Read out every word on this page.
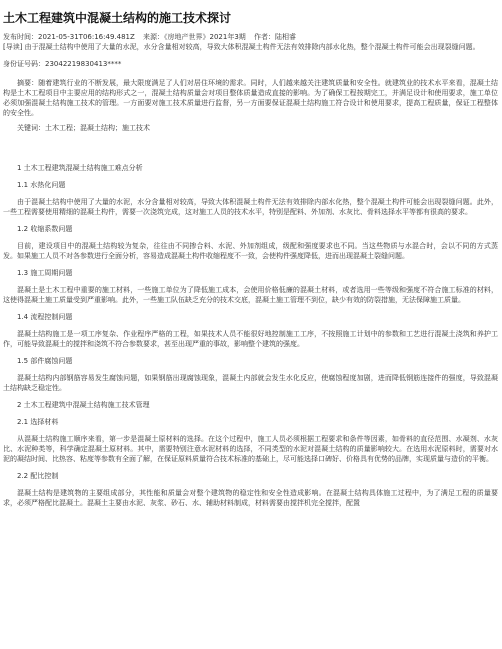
土木工程建筑中混凝土结构的施工技术探讨
发布时间：2021-05-31T06:16:49.481Z 来源：《房地产世界》2021年3期 作者：陆相睿

[导读] 由于混凝土结构中使用了大量的水泥，水分含量相对较高，导致大体积混凝土构件无法有效排除内部水化热，整个混凝土构件可能会出现裂缝问题。

身份证号码：23042219830413****

摘要：随着建筑行业的不断发展，最大限度满足了人们对居住环境的需求。同时，人们越来越关注建筑质量和安全性。就建筑业的技术水平来看，混凝土结构是土木工程项目中主要应用的结构形式之一，混凝土结构质量会对项目整体质量造成直接的影响。为了确保工程按期完工，并满足设计和使用要求，施工单位必须加强混凝土结构施工技术的管理。一方面要对施工技术质量进行监督，另一方面要保证混凝土结构施工符合设计和使用要求，提高工程质量，保证工程整体的安全性。

关键词：土木工程；混凝土结构；施工技术

1 土木工程建筑混凝土结构施工难点分析

1.1 水热化问题

由于混凝土结构中使用了大量的水泥，水分含量相对较高，导致大体积混凝土构件无法有效排除内部水化热，整个混凝土构件可能会出现裂缝问题。此外，一些工程需要使用精细的混凝土构件，需要一次浇筑完成，这对施工人员的技术水平，特别是配料、外加剂、水灰比、骨料选择水平等都有很高的要求。

1.2 收缩系数问题

目前，建设项目中的混凝土结构较为复杂，往往由不同掺合料、水泥、外加剂组成，级配和强度要求也不同。当这些物质与水混合时，会以不同的方式蒸发。如果施工人员不对各参数进行全面分析，容易造成混凝土构件收缩程度不一致，会使构件强度降低，进而出现混凝土裂缝问题。

1.3 施工周期问题

混凝土是土木工程中重要的施工材料，一些施工单位为了降低施工成本，会使用价格低廉的混凝土材料，或者选用一些等级和强度不符合施工标准的材料，这使得混凝土施工质量受到严重影响。此外，一些施工队伍缺乏充分的技术交底，混凝土施工管理不到位，缺少有效的防裂措施，无法保障施工质量。

1.4 流程控制问题

混凝土结构施工是一项工序复杂、作业程序严格的工程，如果技术人员不能很好地控制施工工序，不按照施工计划中的参数和工艺进行混凝土浇筑和养护工作，可能导致混凝土的搅拌和浇筑不符合参数要求，甚至出现严重的事故，影响整个建筑的强度。

1.5 部件腐蚀问题

混凝土结构内部钢筋容易发生腐蚀问题，如果钢筋出现腐蚀现象，混凝土内部就会发生水化反应，使腐蚀程度加剧，进而降低钢筋连接件的强度，导致混凝土结构缺乏稳定性。

2 土木工程建筑中混凝土结构施工技术管理

2.1 选择材料

从混凝土结构施工顺序来看，第一步是混凝土原材料的选择。在这个过程中，施工人员必须根据工程要求和条件等因素，如骨料的直径范围、水凝剂、水灰比、水泥种类等，科学确定混凝土原材料。其中，需要特别注意水泥材料的选择，不同类型的水泥对混凝土结构的质量影响较大。在选用水泥原料时，需要对水泥的凝结时间、比热容、粘度等参数有全面了解，在保证原料质量符合技术标准的基础上，尽可能选择口碑好、价格具有优势的品牌，实现质量与造价的平衡。

2.2 配比控制

混凝土结构是建筑物的主要组成部分，其性能和质量会对整个建筑物的稳定性和安全性造成影响。在混凝土结构具体施工过程中，为了满足工程的质量要求，必须严格配比混凝土。混凝土主要由水泥、灰浆、砂石、水、辅助材料制成，材料需要由搅拌机完全搅拌，配置
